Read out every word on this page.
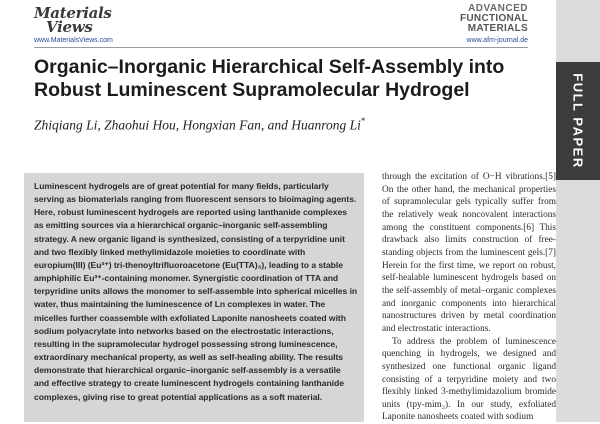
Materials
Views
www.MaterialsViews.com
ADVANCED
FUNCTIONAL
MATERIALS
www.afm-journal.de
FULL PAPER
Organic–Inorganic Hierarchical Self-Assembly into Robust Luminescent Supramolecular Hydrogel

Zhiqiang Li, Zhaohui Hou, Hongxian Fan, and Huanrong Li*

Luminescent hydrogels are of great potential for many fields, particularly serving as biomaterials ranging from fluorescent sensors to bioimaging agents. Here, robust luminescent hydrogels are reported using lanthanide complexes as emitting sources via a hierarchical organic–inorganic self-assembling strategy. A new organic ligand is synthesized, consisting of a terpyridine unit and two flexibly linked methylimidazole moieties to coordinate with europium(III) (Eu³⁺) tri-thenoyltrifluoroacetone (Eu(TTA)₃), leading to a stable amphiphilic Eu³⁺-containing monomer. Synergistic coordination of TTA and terpyridine units allows the monomer to self-assemble into spherical micelles in water, thus maintaining the luminescence of Ln complexes in water. The micelles further coassemble with exfoliated Laponite nanosheets coated with sodium polyacrylate into networks based on the electrostatic interactions, resulting in the supramolecular hydrogel possessing strong luminescence, extraordinary mechanical property, as well as self-healing ability. The results demonstrate that hierarchical organic–inorganic self-assembly is a versatile and effective strategy to create luminescent hydrogels containing lanthanide complexes, giving rise to great potential applications as a soft material.

through the excitation of O−H vibrations.[5] On the other hand, the mechanical properties of supramolecular gels typically suffer from the relatively weak noncovalent interactions among the constituent components.[6] This drawback also limits construction of free-standing objects from the luminescent gels.[7] Herein for the first time, we report on robust, self-healable luminescent hydrogels based on the self-assembly of metal–organic complexes and inorganic components into hierarchical nanostructures driven by metal coordination and electrostatic interactions.

To address the problem of luminescence quenching in hydrogels, we designed and synthesized one functional organic ligand consisting of a terpyridine moiety and two flexibly linked 3-methylimidazolium bromide units (tpy-mim₂). In our study, exfoliated Laponite nanosheets coated with sodium
